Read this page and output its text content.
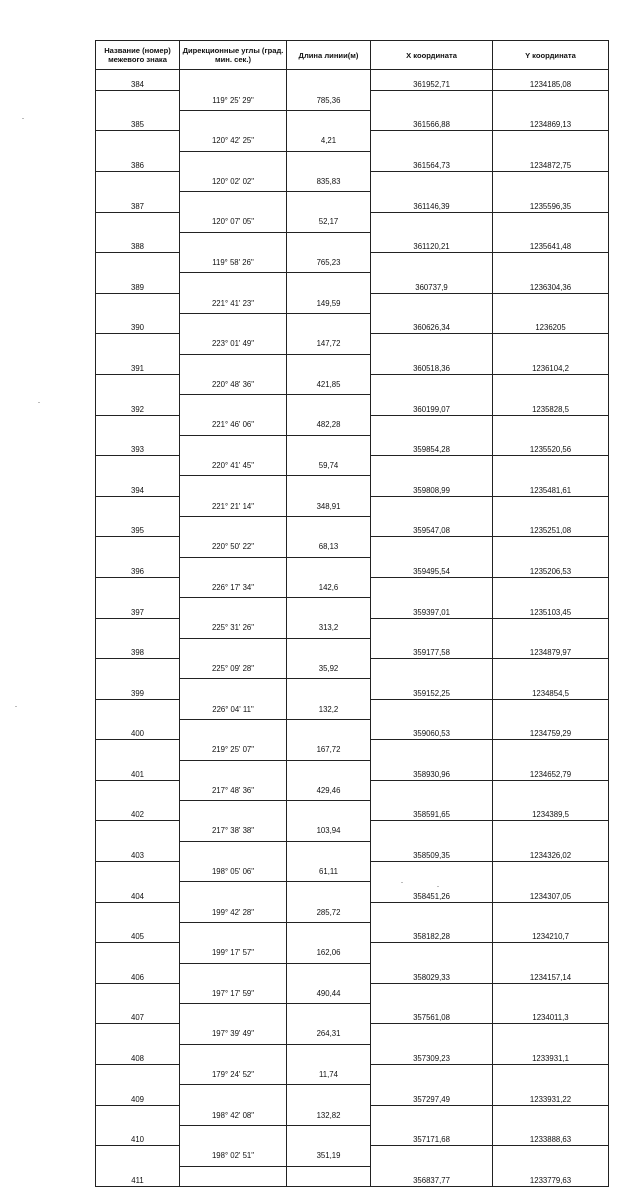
Название (номер) межевого знака	Дирекционные углы (град. мин. сек.)	Длина линии(м)	X координата	Y координата
384			361952,71	1234185,08
	119° 25' 29"	785,36		
385			361566,88	1234869,13
	120° 42' 25"	4,21		
386			361564,73	1234872,75
	120° 02' 02"	835,83		
387			361146,39	1235596,35
	120° 07' 05"	52,17		
388			361120,21	1235641,48
	119° 58' 26"	765,23		
389			360737,9	1236304,36
	221° 41' 23"	149,59		
390			360626,34	1236205
	223° 01' 49"	147,72		
391			360518,36	1236104,2
	220° 48' 36"	421,85		
392			360199,07	1235828,5
	221° 46' 06"	482,28		
393			359854,28	1235520,56
	220° 41' 45"	59,74		
394			359808,99	1235481,61
	221° 21' 14"	348,91		
395			359547,08	1235251,08
	220° 50' 22"	68,13		
396			359495,54	1235206,53
	226° 17' 34"	142,6		
397			359397,01	1235103,45
	225° 31' 26"	313,2		
398			359177,58	1234879,97
	225° 09' 28"	35,92		
399			359152,25	1234854,5
	226° 04' 11"	132,2		
400			359060,53	1234759,29
	219° 25' 07"	167,72		
401			358930,96	1234652,79
	217° 48' 36"	429,46		
402			358591,65	1234389,5
	217° 38' 38"	103,94		
403			358509,35	1234326,02
	198° 05' 06"	61,11		
404			358451,26	1234307,05
	199° 42' 28"	285,72		
405			358182,28	1234210,7
	199° 17' 57"	162,06		
406			358029,33	1234157,14
	197° 17' 59"	490,44		
407			357561,08	1234011,3
	197° 39' 49"	264,31		
408			357309,23	1233931,1
	179° 24' 52"	11,74		
409			357297,49	1233931,22
	198° 42' 08"	132,82		
410			357171,68	1233888,63
	198° 02' 51"	351,19		
411			356837,77	1233779,63
